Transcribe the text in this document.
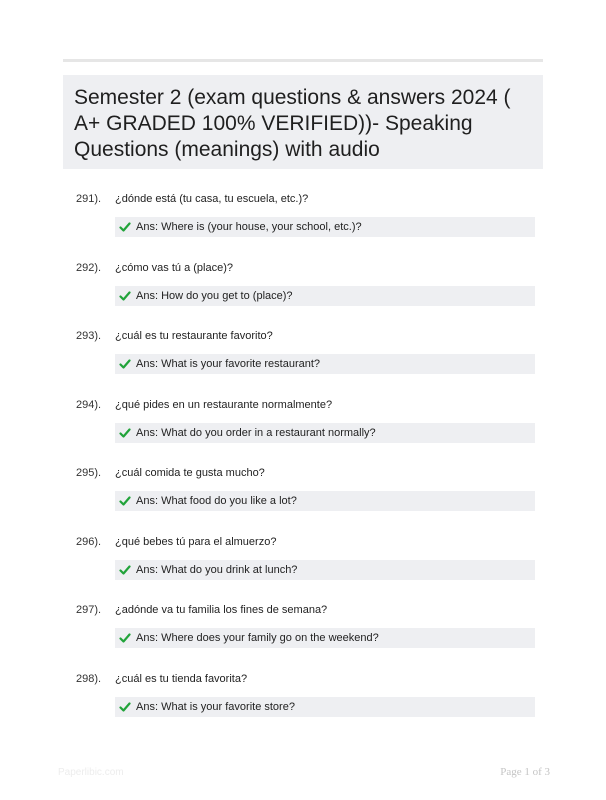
Semester 2 (exam questions & answers 2024 ( A+ GRADED 100% VERIFIED))- Speaking Questions (meanings) with audio
291). ¿dónde está (tu casa, tu escuela, etc.)?
Ans: Where is (your house, your school, etc.)?
292). ¿cómo vas tú a (place)?
Ans: How do you get to (place)?
293). ¿cuál es tu restaurante favorito?
Ans: What is your favorite restaurant?
294). ¿qué pides en un restaurante normalmente?
Ans: What do you order in a restaurant normally?
295). ¿cuál comida te gusta mucho?
Ans: What food do you like a lot?
296). ¿qué bebes tú para el almuerzo?
Ans: What do you drink at lunch?
297). ¿adónde va tu familia los fines de semana?
Ans: Where does your family go on the weekend?
298). ¿cuál es tu tienda favorita?
Ans: What is your favorite store?
Paperlibic.com	Page 1 of 3
